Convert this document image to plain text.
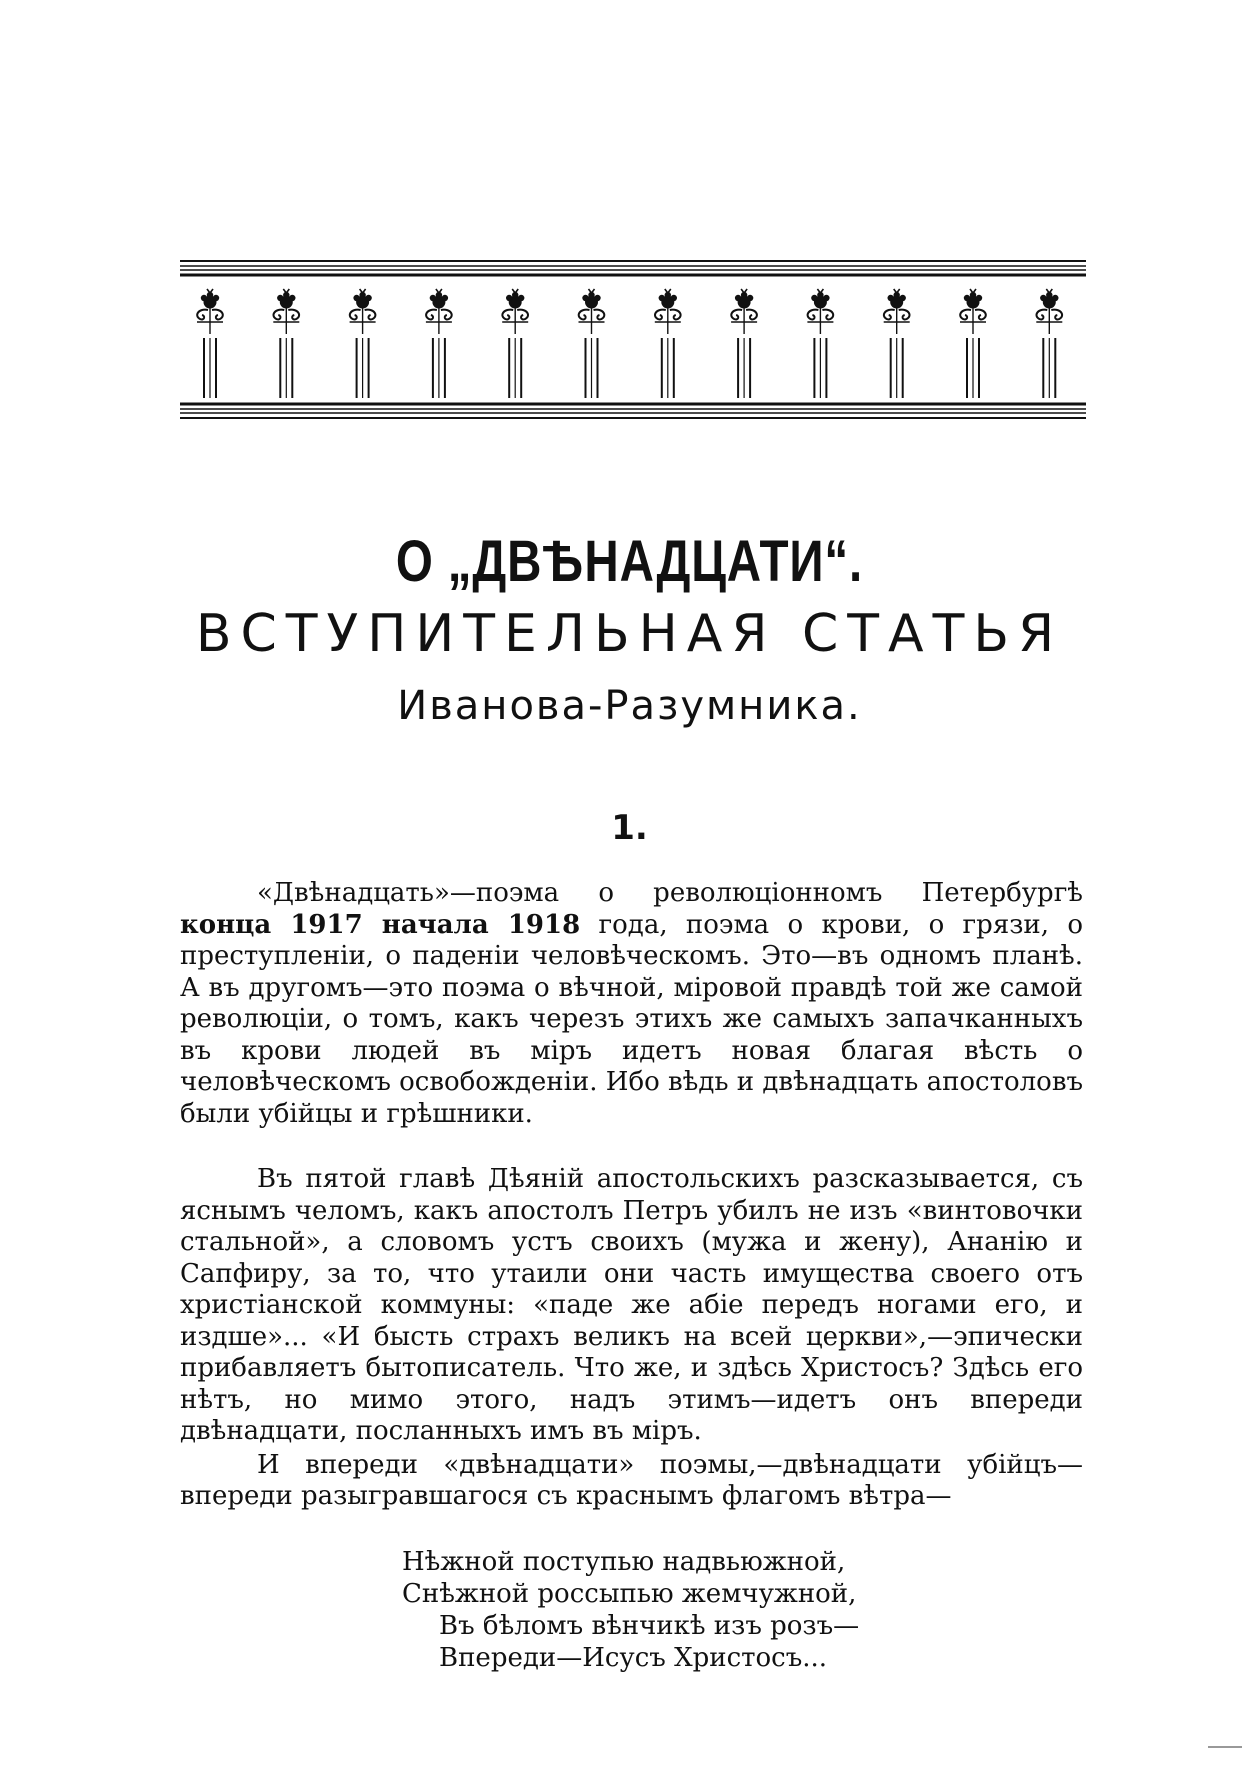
О „ДВѢНАДЦАТИ“.
ВСТУПИТЕЛЬНАЯ СТАТЬЯ
Иванова-Разумника.
1.

«Двѣнадцать»—поэма о революціонномъ Петербургѣ конца 1917 начала 1918 года, поэма о крови, о грязи, о преступленіи, о паденіи человѣческомъ. Это—въ одномъ планѣ. А въ другомъ—это поэма о вѣчной, міровой правдѣ той же самой революціи, о томъ, какъ черезъ этихъ же самыхъ запачканныхъ въ крови людей въ міръ идетъ новая благая вѣсть о человѣческомъ освобожденіи. Ибо вѣдь и двѣнадцать апостоловъ были убійцы и грѣшники.

Въ пятой главѣ Дѣяній апостольскихъ разсказывается, съ яснымъ челомъ, какъ апостолъ Петръ убилъ не изъ «винтовочки стальной», а словомъ устъ своихъ (мужа и жену), Ананію и Сапфиру, за то, что утаили они часть имущества своего отъ христіанской коммуны: «паде же абіе передъ ногами его, и издше»... «И бысть страхъ великъ на всей церкви»,—эпически прибавляетъ бытописатель. Что же, и здѣсь Христосъ? Здѣсь его нѣтъ, но мимо этого, надъ этимъ—идетъ онъ впереди двѣнадцати, посланныхъ имъ въ міръ.

И впереди «двѣнадцати» поэмы,—двѣнадцати убійцъ—впереди разыгравшагося съ краснымъ флагомъ вѣтра—

Нѣжной поступью надвьюжной,
Снѣжной россыпью жемчужной,
Въ бѣломъ вѣнчикѣ изъ розъ—
Впереди—Исусъ Христосъ...
